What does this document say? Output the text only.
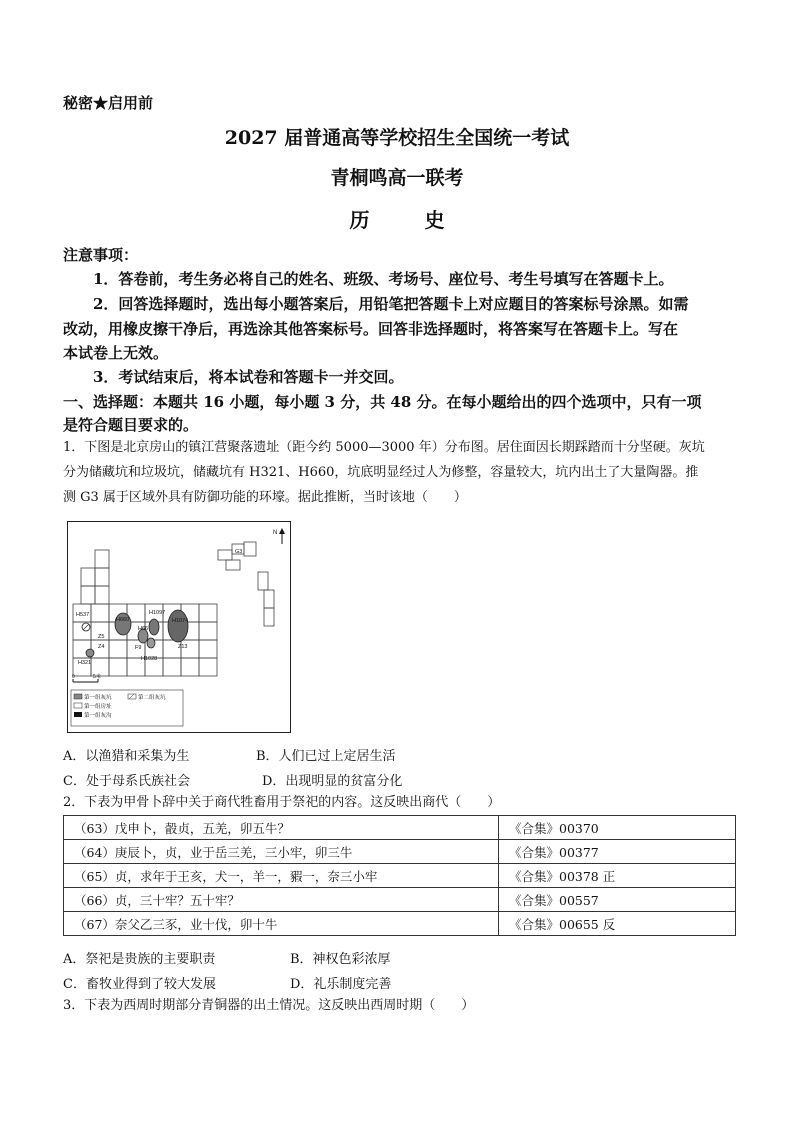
秘密★启用前
2027 届普通高等学校招生全国统一考试
青桐鸣高一联考
历 史
注意事项：
1．答卷前，考生务必将自己的姓名、班级、考场号、座位号、考生号填写在答题卡上。
2．回答选择题时，选出每小题答案后，用铅笔把答题卡上对应题目的答案标号涂黑。如需
改动，用橡皮擦干净后，再选涂其他答案标号。回答非选择题时，将答案写在答题卡上。写在
本试卷上无效。
3．考试结束后，将本试卷和答题卡一并交回。
一、选择题：本题共 16 小题，每小题 3 分，共 48 分。在每小题给出的四个选项中，只有一项
是符合题目要求的。
1．下图是北京房山的镇江营聚落遗址（距今约 5000—3000 年）分布图。居住面因长期踩踏而十分坚硬。灰坑
分为储藏坑和垃圾坑，储藏坑有 H321、H660，坑底明显经过人为修整，容量较大，坑内出土了大量陶器。推
测 G3 属于区域外具有防御功能的环壕。据此推断，当时该地（　　）
H537
H660
H1097
H1074
Z5
Z4
H66
F9	Z13
H321
H1028
G3
N
0	5米
第一组灰坑	第二组灰坑
第一组房址
第一组灰沟
A．以渔猎和采集为生	B．人们已过上定居生活
C．处于母系氏族社会	D．出现明显的贫富分化
2．下表为甲骨卜辞中关于商代牲畜用于祭祀的内容。这反映出商代（　　）
（63）戊申卜，瞉贞，五羌，卯五牛？	《合集》00370
（64）庚辰卜，贞，业于岳三羌，三小牢，卯三牛	《合集》00377
（65）贞，求年于王亥，犬一，羊一，豭一，奈三小牢	《合集》00378 正
（66）贞，三十牢？五十牢？	《合集》00557
（67）奈父乙三豕，业十伐，卯十牛	《合集》00655 反
A．祭祀是贵族的主要职责	B．神权色彩浓厚
C．畜牧业得到了较大发展	D．礼乐制度完善
3．下表为西周时期部分青铜器的出土情况。这反映出西周时期（　　）
